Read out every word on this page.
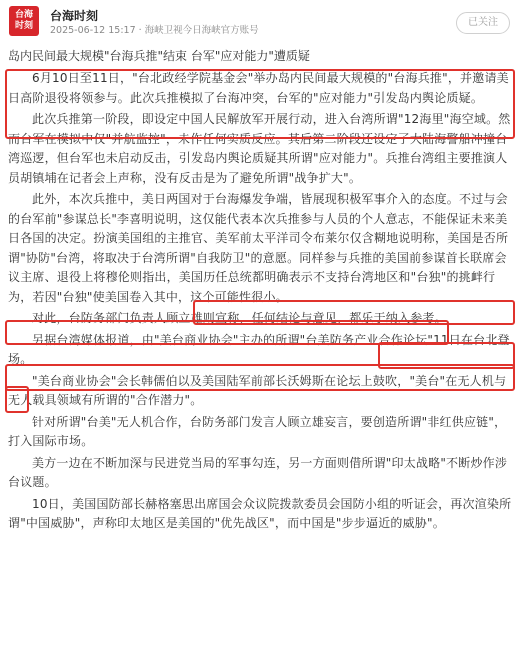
台海
时刻
台海时刻
2025-06-12 15:17 · 海峡卫视今日海峡官方账号
已关注
岛内民间最大规模"台海兵推"结束 台军"应对能力"遭质疑

6月10日至11日，"台北政经学院基金会"举办岛内民间最大规模的"台海兵推"，并邀请美日高阶退役将领参与。此次兵推模拟了台海冲突，台军的"应对能力"引发岛内舆论质疑。

此次兵推第一阶段，即设定中国人民解放军开展行动，进入台湾所谓"12海里"海空域。然而台军在模拟中仅"并航监控"，未作任何实质反应。其后第二阶段还设定了大陆海警船冲撞台湾巡逻，但台军也未启动反击，引发岛内舆论质疑其所谓"应对能力"。兵推台湾组主要推演人员胡镇埔在记者会上声称，没有反击是为了避免所谓"战争扩大"。

此外，本次兵推中，美日两国对于台海爆发争端，皆展现积极军事介入的态度。不过与会的台军前"参谋总长"李喜明说明，这仅能代表本次兵推参与人员的个人意志，不能保证未来美日各国的决定。扮演美国组的主推官、美军前太平洋司令布莱尔仅含糊地说明称，美国是否所谓"协防"台湾，将取决于台湾所谓"自我防卫"的意愿。同样参与兵推的美国前参谋首长联席会议主席、退役上将穆伦则指出，美国历任总统都明确表示不支持台湾地区和"台独"的挑衅行为，若因"台独"使美国卷入其中，这个可能性很小。

对此，台防务部门负责人顾立雄则宣称，任何结论与意见，都乐于纳入参考。

另据台湾媒体报道，由"美台商业协会"主办的所谓"台美防务产业合作论坛"11日在台北登场。

"美台商业协会"会长韩儒伯以及美国陆军前部长沃姆斯在论坛上鼓吹，"美台"在无人机与无人载具领域有所谓的"合作潜力"。

针对所谓"台美"无人机合作，台防务部门发言人顾立雄妄言，要创造所谓"非红供应链"，打入国际市场。

美方一边在不断加深与民进党当局的军事勾连，另一方面则借所谓"印太战略"不断炒作涉台议题。

10日，美国国防部长赫格塞思出席国会众议院拨款委员会国防小组的听证会，再次渲染所谓"中国威胁"，声称印太地区是美国的"优先战区"，而中国是"步步逼近的威胁"。
